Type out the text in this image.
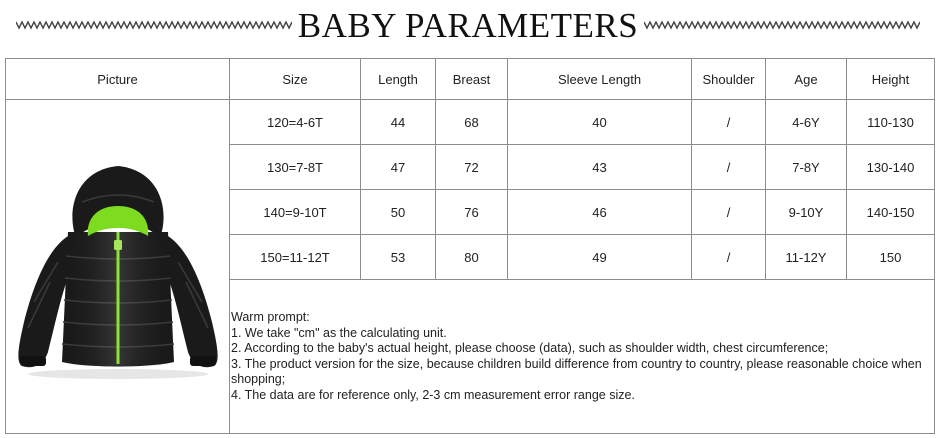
BABY PARAMETERS
Picture	Size	Length	Breast	Sleeve Length	Shoulder	Age	Height

	120=4-6T	44	68	40	/	4-6Y	110-130
	130=7-8T	47	72	43	/	7-8Y	130-140
	140=9-10T	50	76	46	/	9-10Y	140-150
	150=11-12T	53	80	49	/	11-12Y	150

	Warm prompt:
1. We take "cm" as the calculating unit.
2. According to the baby's actual height, please choose (data), such as shoulder width, chest circumference;
3. The product version for the size, because children build difference from country to country, please reasonable choice when shopping;
4. The data are for reference only, 2-3 cm measurement error range size.						
